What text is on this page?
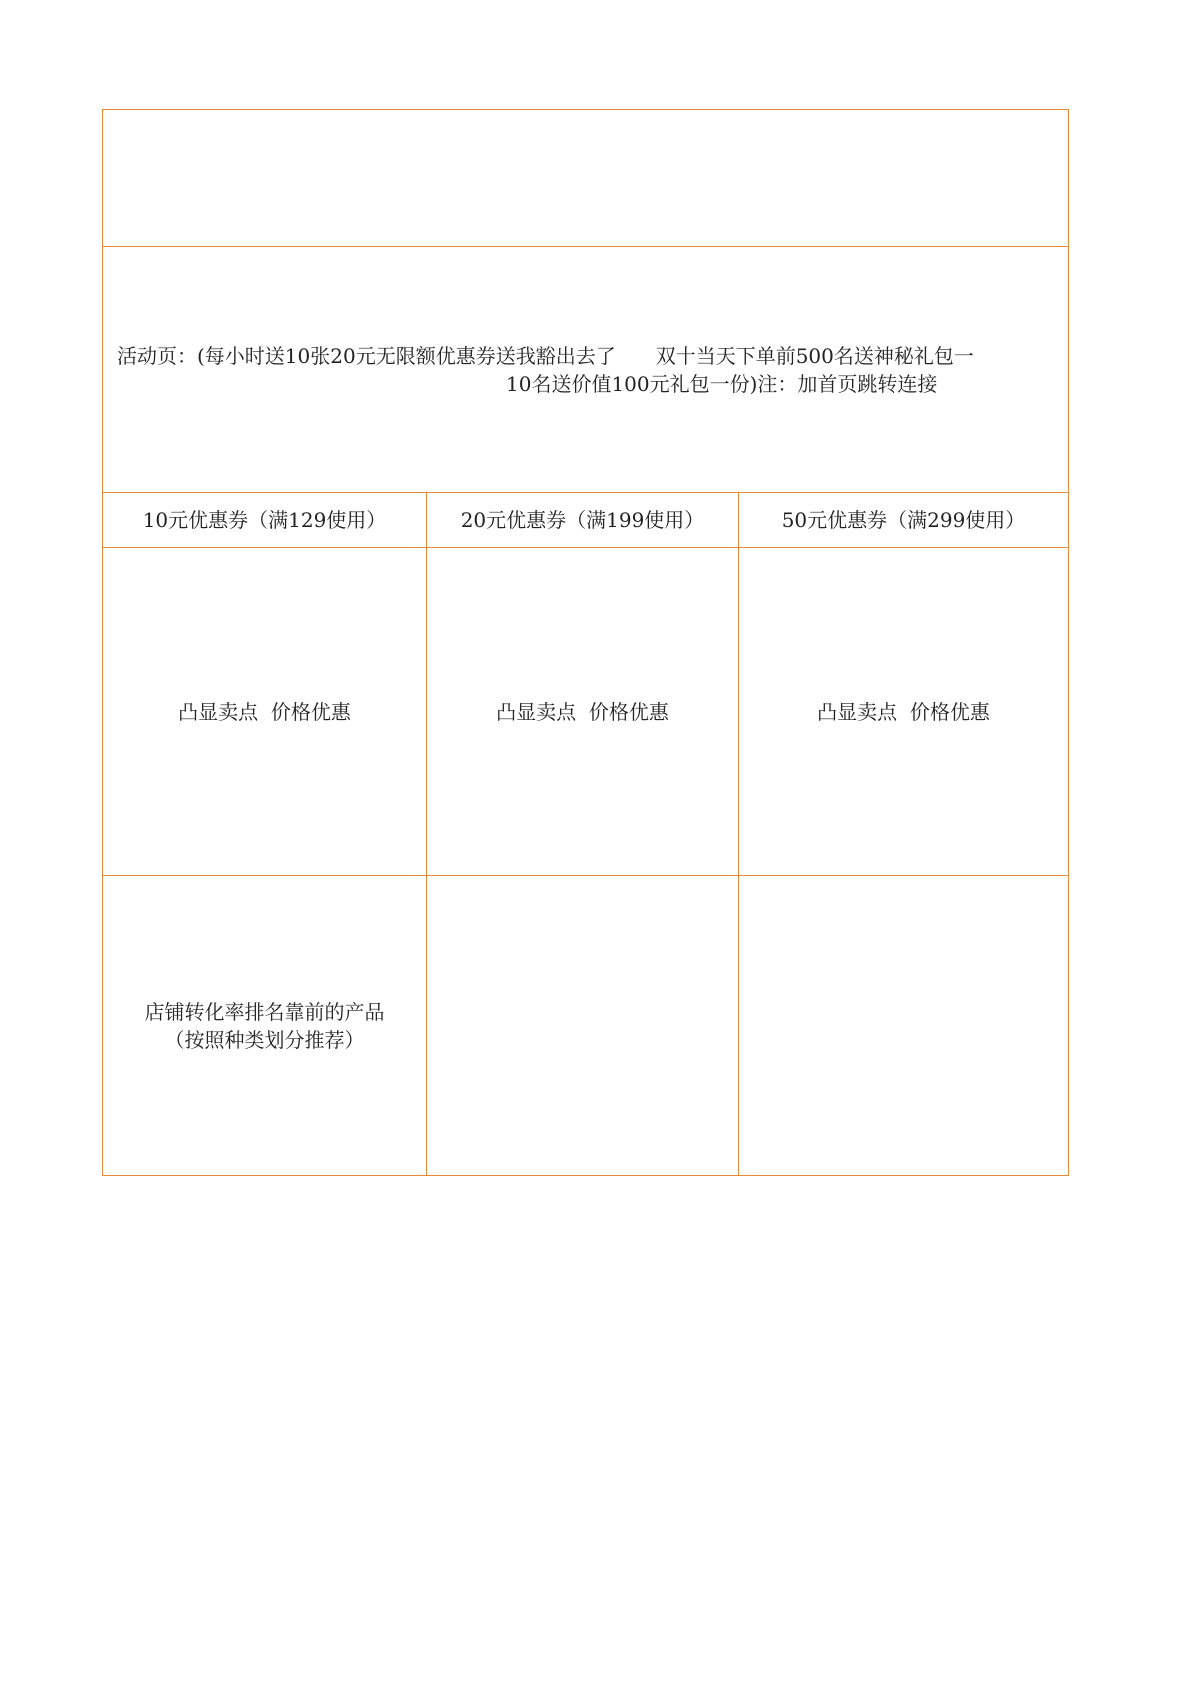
活动页：(每小时送10张20元无限额优惠券送我豁出去了　　双十当天下单前500名送神秘礼包一
10名送价值100元礼包一份)注：加首页跳转连接		

10元优惠券（满129使用）	20元优惠券（满199使用）	50元优惠券（满299使用）
凸显卖点  价格优惠	凸显卖点  价格优惠	凸显卖点  价格优惠

店铺转化率排名靠前的产品
（按照种类划分推荐）		
